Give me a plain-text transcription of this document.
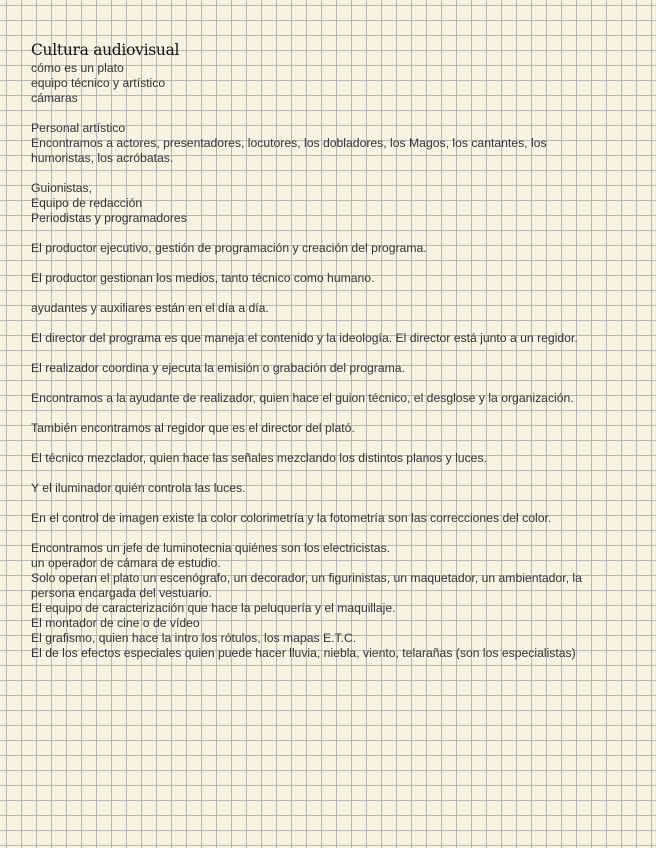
Cultura audiovisual
cómo es un plato
equipo técnico y artístico
cámaras
Personal artístico
Encontramos a actores, presentadores, locutores, los dobladores, los Magos, los cantantes, los
humoristas, los acróbatas.
Guionistas,
Equipo de redacción
Periodistas y programadores
El productor ejecutivo, gestión de programación y creación del programa.
El productor gestionan los medios, tanto técnico como humano.
ayudantes y auxiliares están en el día a día.
El director del programa es que maneja el contenido y la ideología. El director está junto a un regidor.
El realizador coordina y ejecuta la emisión o grabación del programa.
Encontramos a la ayudante de realizador, quien hace el guion técnico, el desglose y la organización.
También encontramos al regidor que es el director del plató.
El técnico mezclador, quien hace las señales mezclando los distintos planos y luces.
Y el iluminador quién controla las luces.
En el control de imagen existe la color colorimetría y la fotometría son las correcciones del color.
Encontramos un jefe de luminotecnia quiénes son los electricistas.
un operador de cámara de estudio.
Solo operan el plato un escenógrafo, un decorador, un figurinistas, un maquetador, un ambientador, la
persona encargada del vestuario.
El equipo de caracterización que hace la peluquería y el maquillaje.
El montador de cine o de vídeo
El grafismo, quien hace la intro los rótulos, los mapas E.T.C.
El de los efectos especiales quien puede hacer lluvia, niebla, viento, telarañas (son los especialistas)
